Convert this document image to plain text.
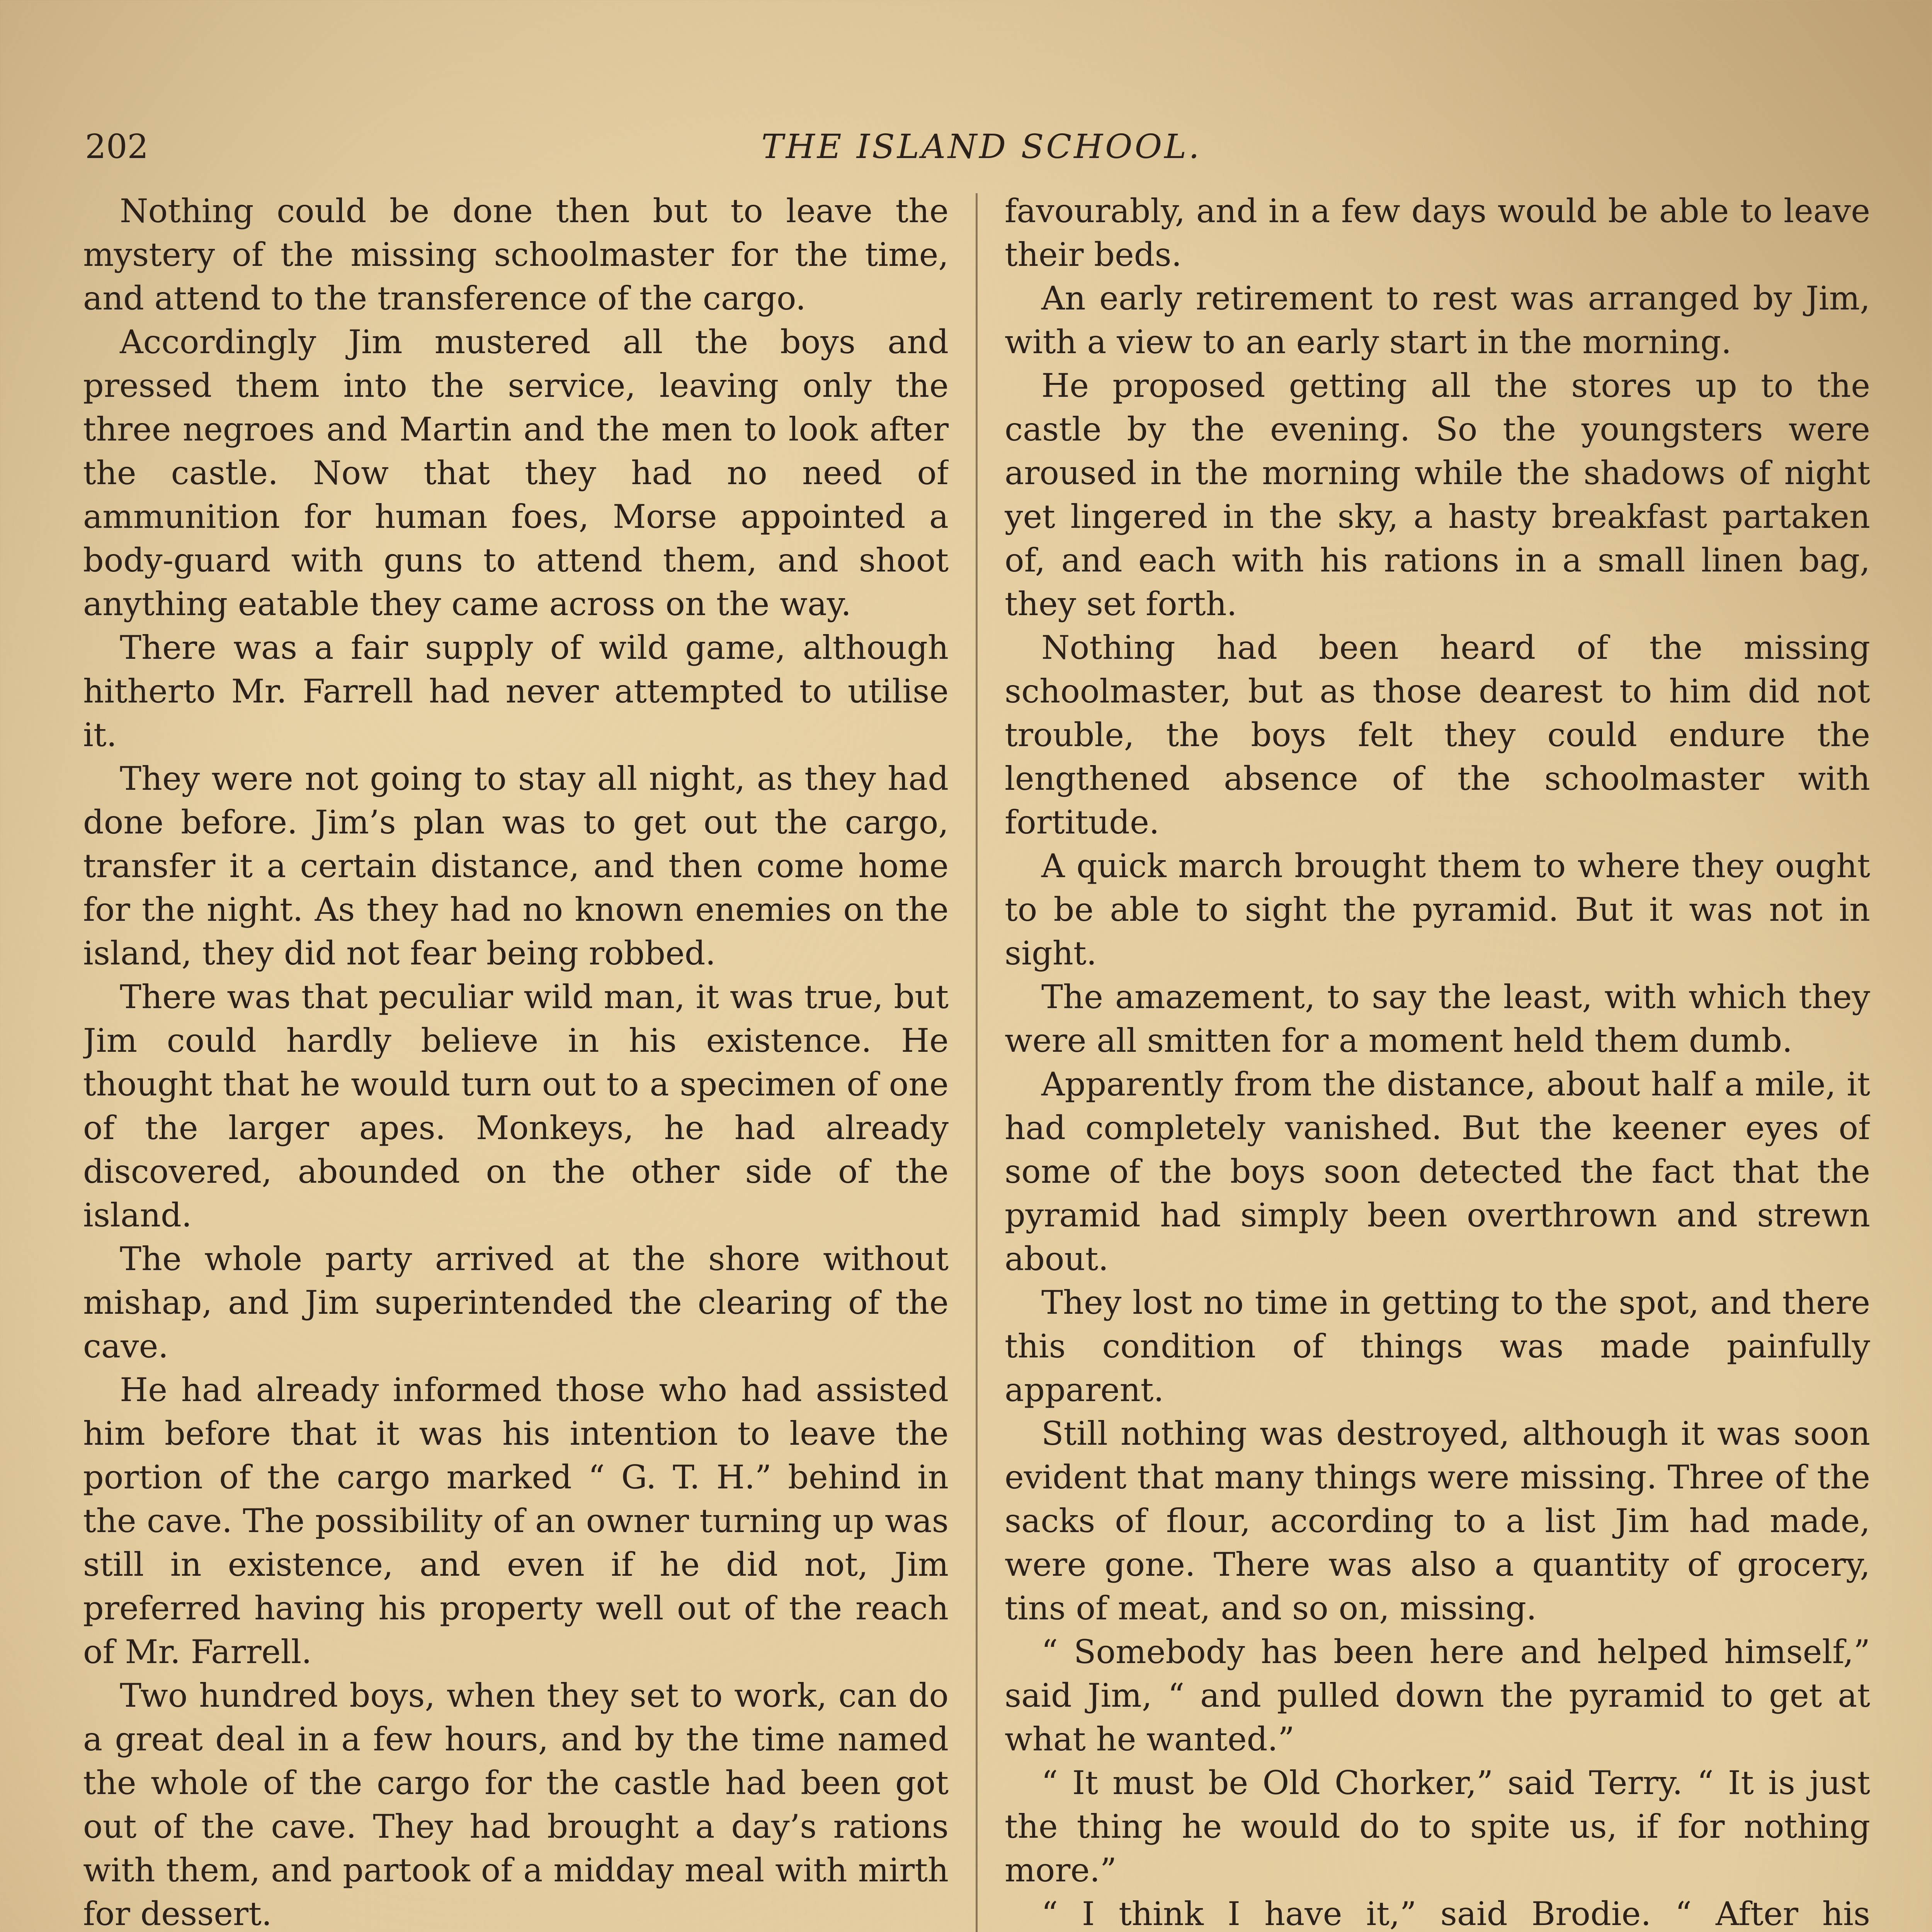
202	THE ISLAND SCHOOL.

Nothing could be done then but to leave the mystery of the missing schoolmaster for the time, and attend to the transference of the cargo.

Accordingly Jim mustered all the boys and pressed them into the service, leaving only the three negroes and Martin and the men to look after the castle. Now that they had no need of ammunition for human foes, Morse appointed a body-guard with guns to attend them, and shoot anything eatable they came across on the way.

There was a fair supply of wild game, although hitherto Mr. Farrell had never attempted to utilise it.

They were not going to stay all night, as they had done before. Jim’s plan was to get out the cargo, transfer it a certain distance, and then come home for the night. As they had no known enemies on the island, they did not fear being robbed.

There was that peculiar wild man, it was true, but Jim could hardly believe in his existence. He thought that he would turn out to a specimen of one of the larger apes. Monkeys, he had already discovered, abounded on the other side of the island.

The whole party arrived at the shore without mishap, and Jim superintended the clearing of the cave.

He had already informed those who had assisted him before that it was his intention to leave the portion of the cargo marked “ G. T. H.” behind in the cave. The possibility of an owner turning up was still in existence, and even if he did not, Jim preferred having his property well out of the reach of Mr. Farrell.

Two hundred boys, when they set to work, can do a great deal in a few hours, and by the time named the whole of the cargo for the castle had been got out of the cave. They had brought a day’s rations with them, and partook of a midday meal with mirth for dessert.

favourably, and in a few days would be able to leave their beds.

An early retirement to rest was arranged by Jim, with a view to an early start in the morning.

He proposed getting all the stores up to the castle by the evening. So the youngsters were aroused in the morning while the shadows of night yet lingered in the sky, a hasty breakfast partaken of, and each with his rations in a small linen bag, they set forth.

Nothing had been heard of the missing schoolmaster, but as those dearest to him did not trouble, the boys felt they could endure the lengthened absence of the schoolmaster with fortitude.

A quick march brought them to where they ought to be able to sight the pyramid. But it was not in sight.

The amazement, to say the least, with which they were all smitten for a moment held them dumb.

Apparently from the distance, about half a mile, it had completely vanished. But the keener eyes of some of the boys soon detected the fact that the pyramid had simply been overthrown and strewn about.

They lost no time in getting to the spot, and there this condition of things was made painfully apparent.

Still nothing was destroyed, although it was soon evident that many things were missing. Three of the sacks of flour, according to a list Jim had made, were gone. There was also a quantity of grocery, tins of meat, and so on, missing.

“ Somebody has been here and helped himself,” said Jim, “ and pulled down the pyramid to get at what he wanted.”

“ It must be Old Chorker,” said Terry. “ It is just the thing he would do to spite us, if for nothing more.”

“ I think I have it,” said Brodie. “ After his
